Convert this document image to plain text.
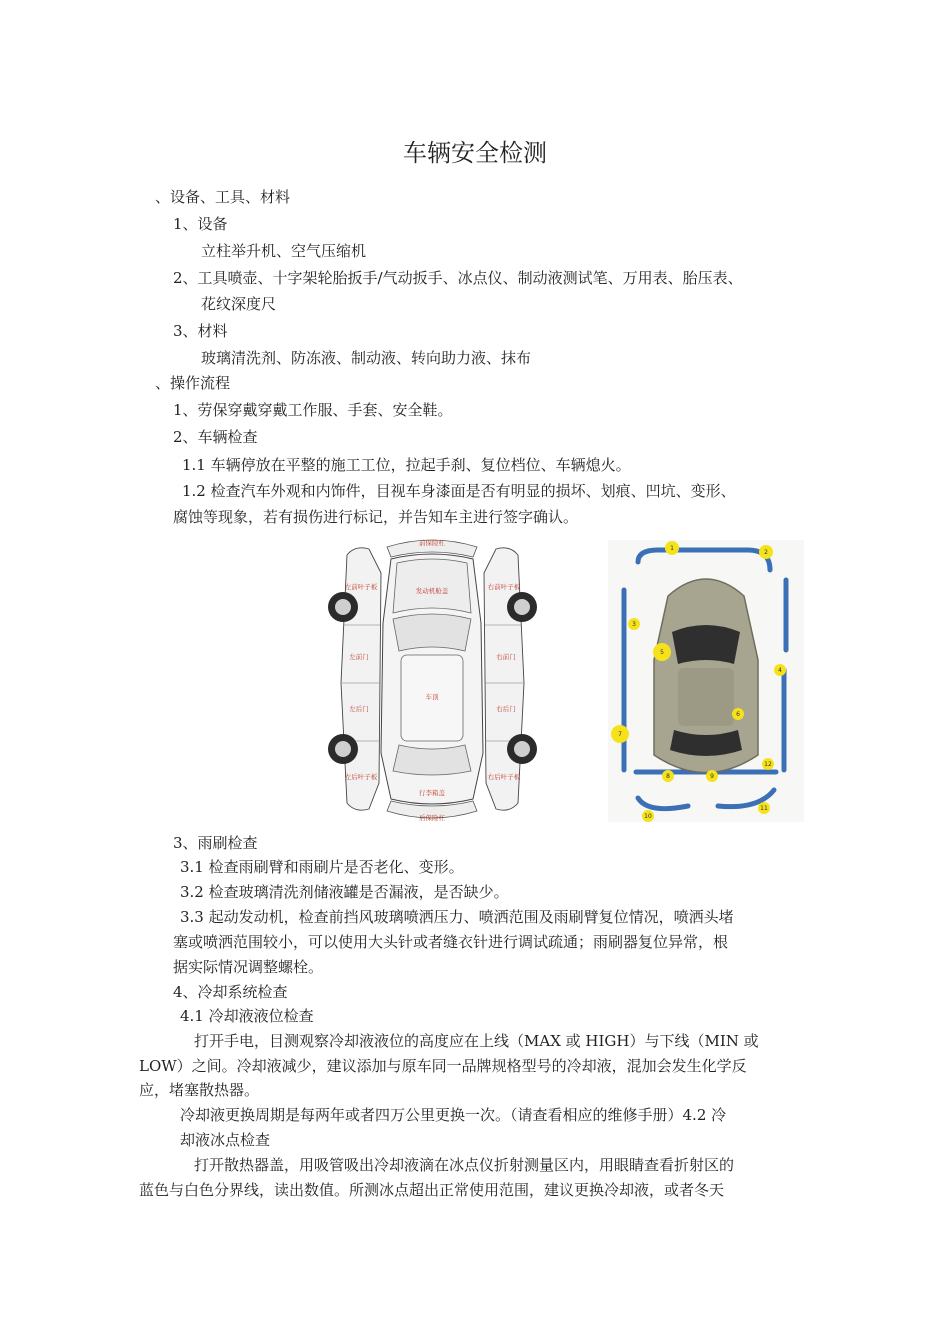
车辆安全检测
、设备、工具、材料
1、设备
立柱举升机、空气压缩机
2、工具喷壶、十字架轮胎扳手/气动扳手、冰点仪、制动液测试笔、万用表、胎压表、
花纹深度尺
3、材料
玻璃清洗剂、防冻液、制动液、转向助力液、抹布
、操作流程
1、劳保穿戴穿戴工作服、手套、安全鞋。
2、车辆检查
1.1 车辆停放在平整的施工工位，拉起手刹、复位档位、车辆熄火。
1.2 检查汽车外观和内饰件，目视车身漆面是否有明显的损坏、划痕、凹坑、变形、
腐蚀等现象，若有损伤进行标记，并告知车主进行签字确认。
前保险杠
后保险杠
发动机舱盖
车顶
行李箱盖
左前叶子板	右前叶子板
左前门	右前门
左后门	右后门
左后叶子板	右后叶子板
1
2
3
4
5
6
7
8	9
10
11
12
3、雨刷检查
3.1 检查雨刷臂和雨刷片是否老化、变形。
3.2 检查玻璃清洗剂储液罐是否漏液，是否缺少。
3.3 起动发动机，检查前挡风玻璃喷洒压力、喷洒范围及雨刷臂复位情况，喷洒头堵
塞或喷洒范围较小，可以使用大头针或者缝衣针进行调试疏通；雨刷器复位异常，根
据实际情况调整螺栓。
4、冷却系统检查
4.1 冷却液液位检查
打开手电，目测观察冷却液液位的高度应在上线（MAX 或 HIGH）与下线（MIN 或
LOW）之间。冷却液减少，建议添加与原车同一品牌规格型号的冷却液，混加会发生化学反
应，堵塞散热器。
冷却液更换周期是每两年或者四万公里更换一次。（请查看相应的维修手册）4.2 冷
却液冰点检查
打开散热器盖，用吸管吸出冷却液滴在冰点仪折射测量区内，用眼睛查看折射区的
蓝色与白色分界线，读出数值。所测冰点超出正常使用范围，建议更换冷却液，或者冬天
